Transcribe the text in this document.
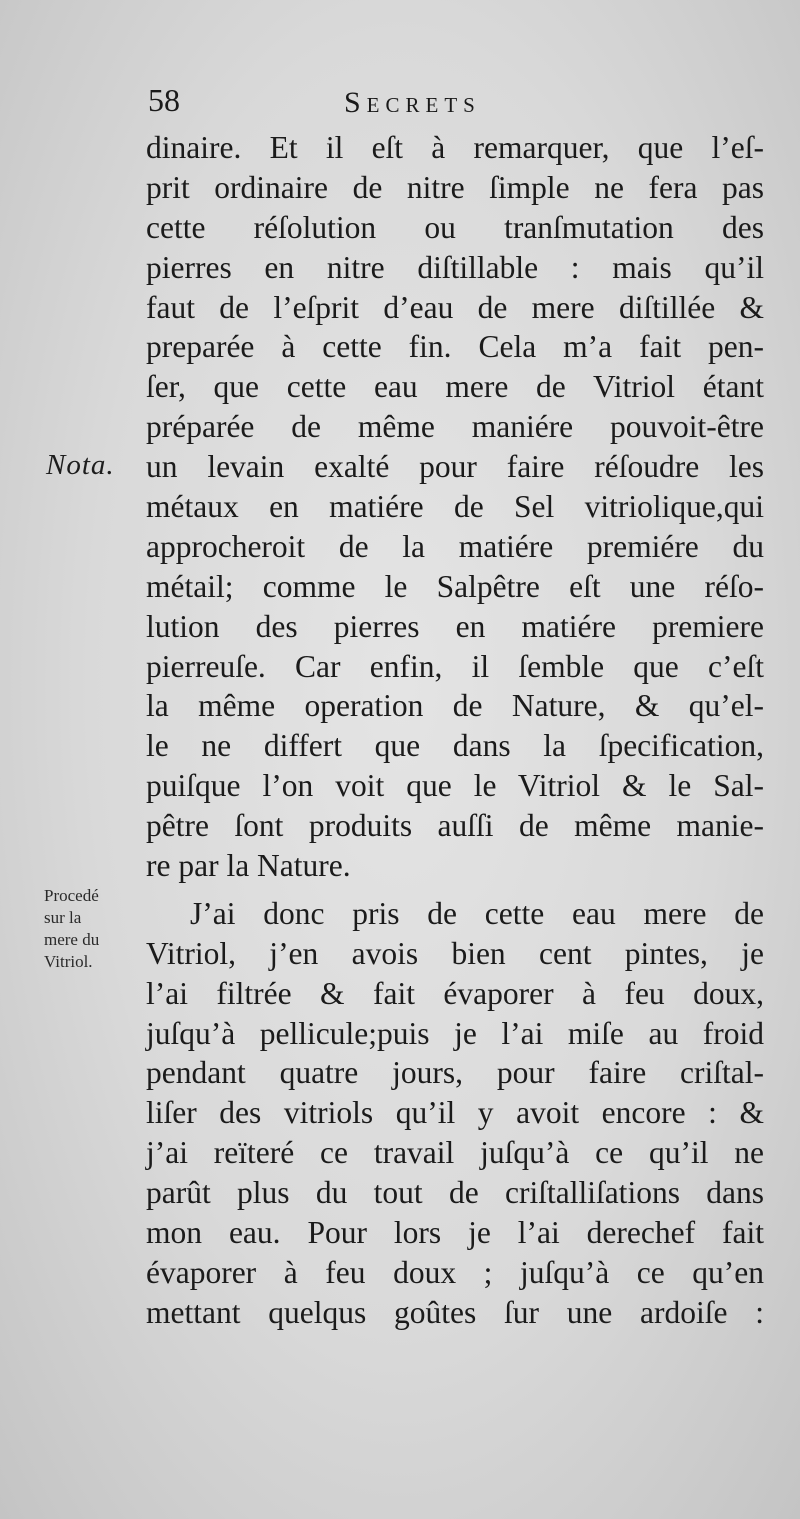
58	Secrets
Nota.
Procedé
sur la
mere du
Vitriol.
dinaire. Et il eſt à remarquer, que l’eſ-
prit ordinaire de nitre ſimple ne fera pas
cette réſolution ou tranſmutation des
pierres en nitre diſtillable : mais qu’il
faut de l’eſprit d’eau de mere diſtillée &
preparée à cette fin. Cela m’a fait pen-
ſer, que cette eau mere de Vitriol étant
préparée de même maniére pouvoit-être
un levain exalté pour faire réſoudre les
métaux en matiére de Sel vitriolique,qui
approcheroit de la matiére premiére du
métail; comme le Salpêtre eſt une réſo-
lution des pierres en matiére premiere
pierreuſe. Car enfin, il ſemble que c’eſt
la même operation de Nature, & qu’el-
le ne differt que dans la ſpecification,
puiſque l’on voit que le Vitriol & le Sal-
pêtre ſont produits auſſi de même manie-
re par la Nature.
J’ai donc pris de cette eau mere de
Vitriol, j’en avois bien cent pintes, je
l’ai filtrée & fait évaporer à feu doux,
juſqu’à pellicule;puis je l’ai miſe au froid
pendant quatre jours, pour faire criſtal-
liſer des vitriols qu’il y avoit encore : &
j’ai reïteré ce travail juſqu’à ce qu’il ne
parût plus du tout de criſtalliſations dans
mon eau. Pour lors je l’ai derechef fait
évaporer à feu doux ; juſqu’à ce qu’en
mettant quelqus goûtes ſur une ardoiſe :
